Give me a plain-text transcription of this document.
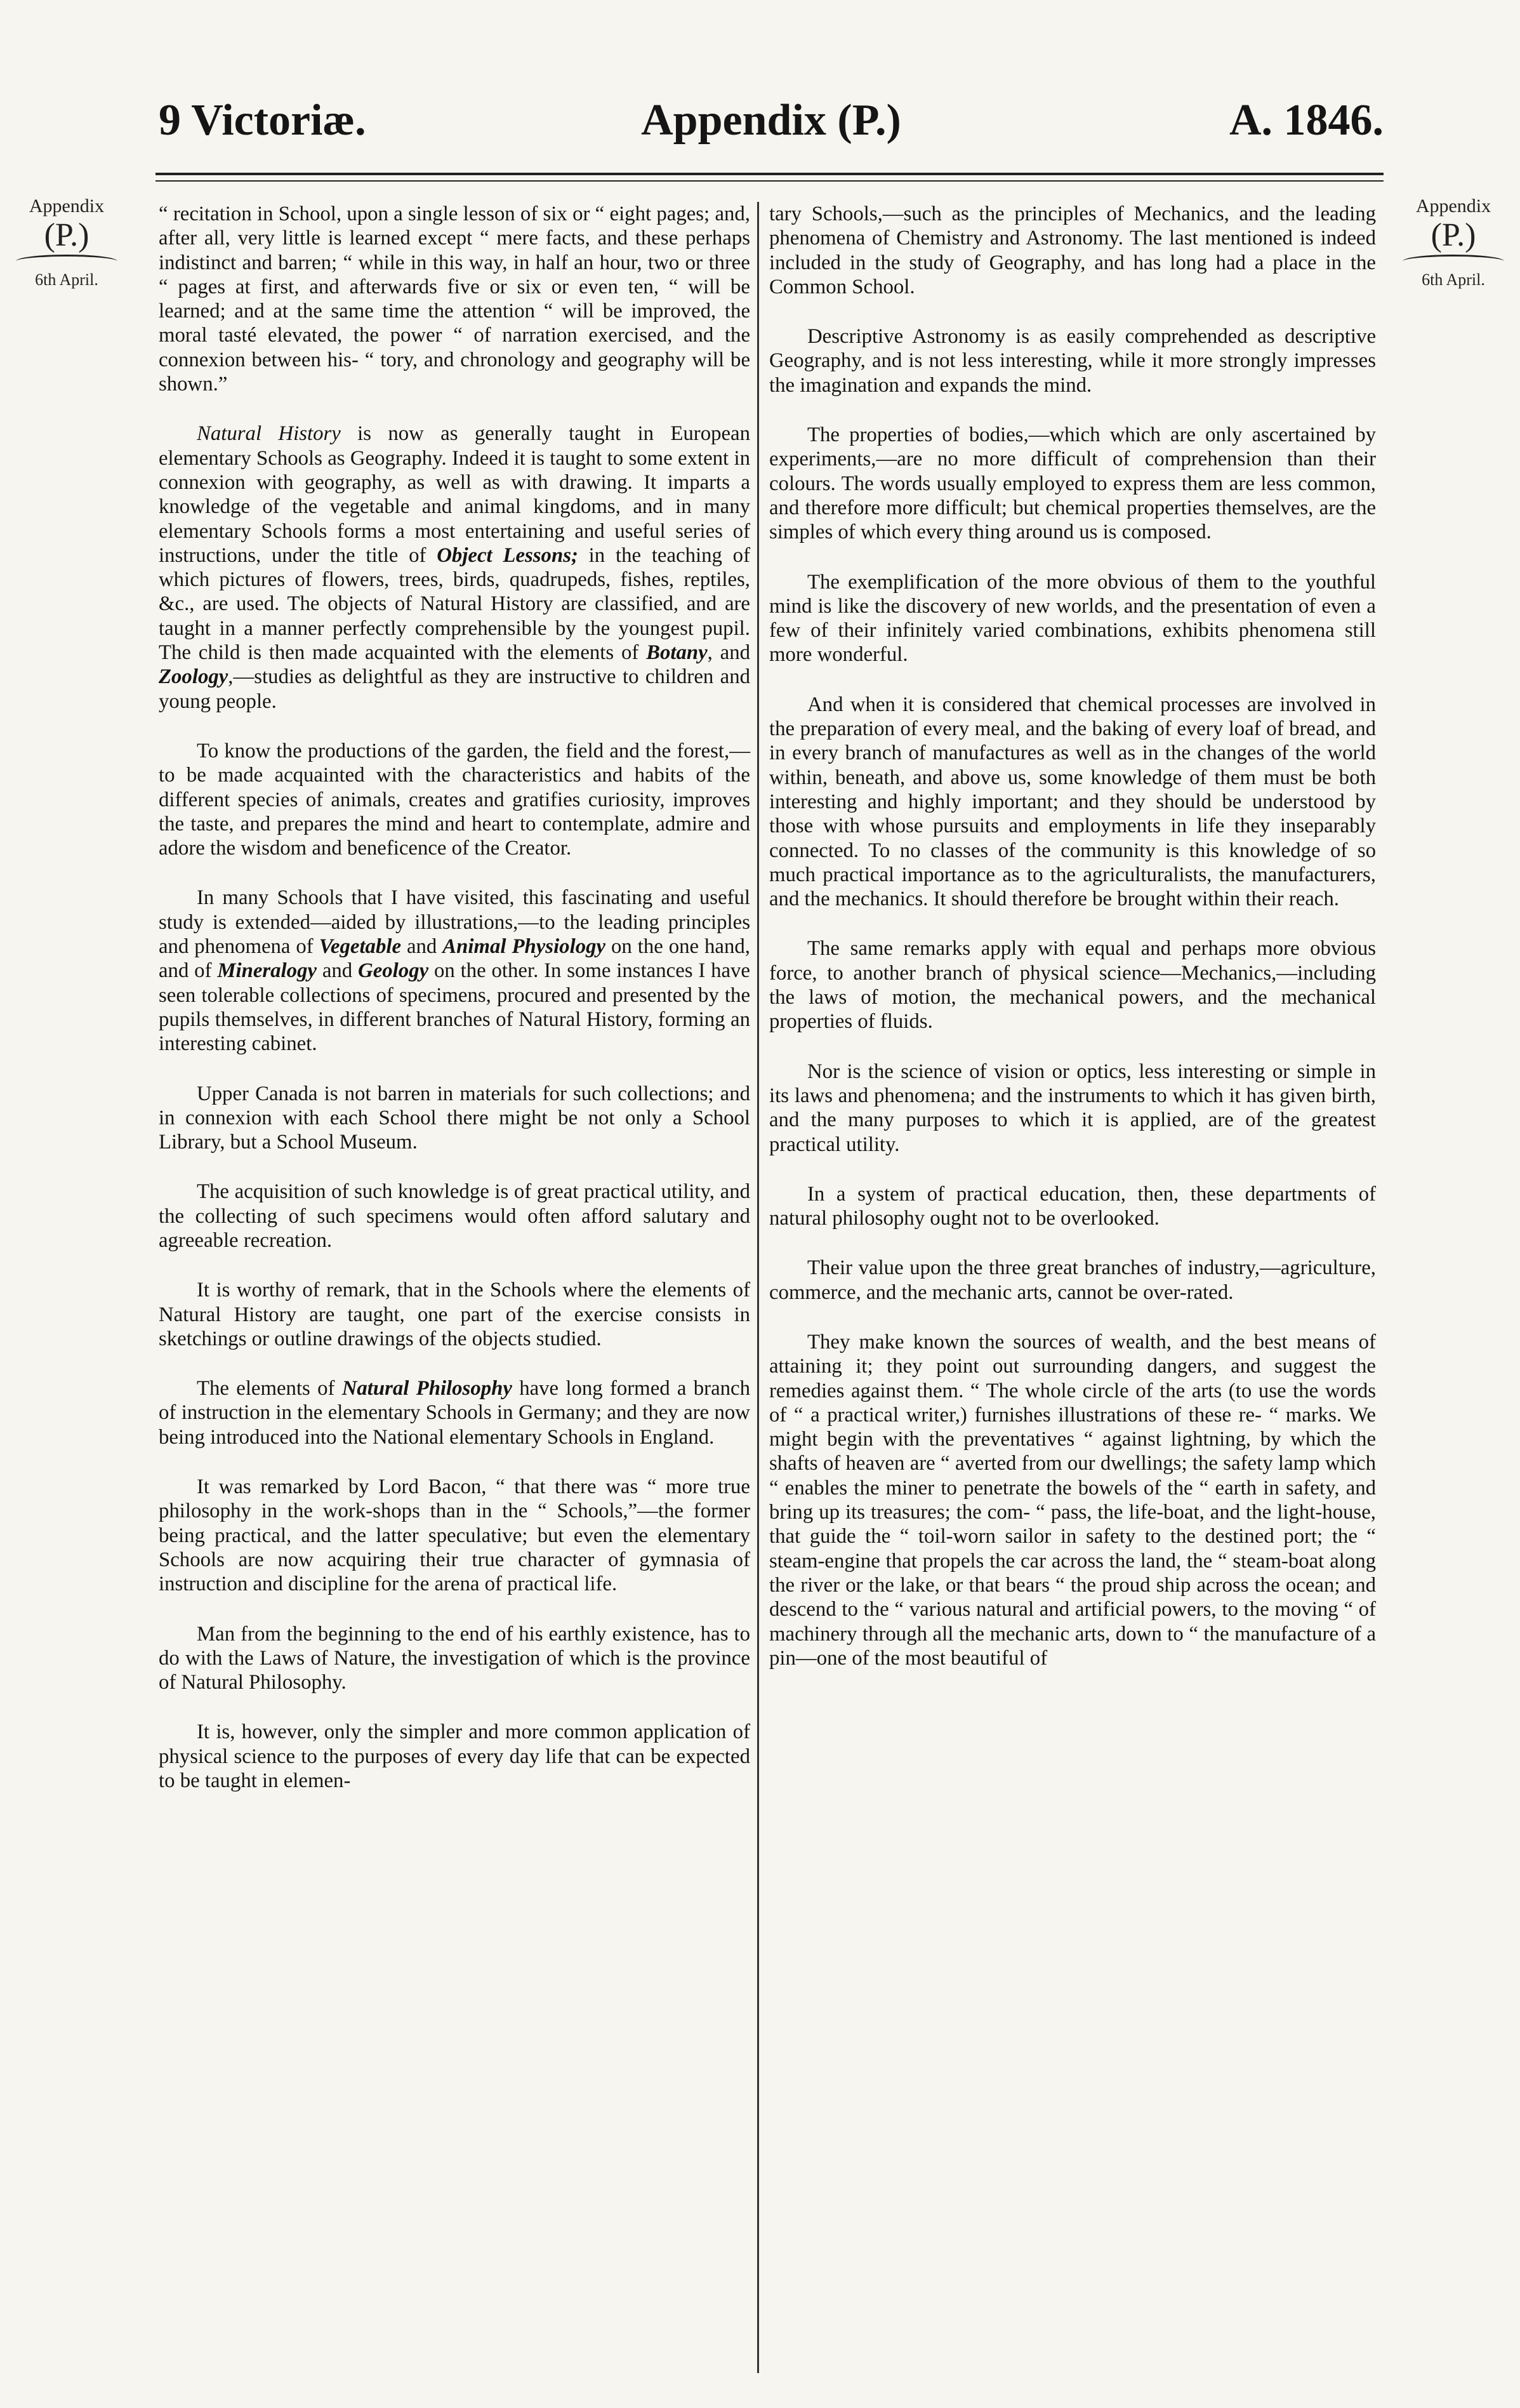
9 Victoriæ.	Appendix (P.)	A. 1846.
Appendix
(P.)
6th April.
Appendix
(P.)
6th April.

“ recitation in School, upon a single lesson of six or “ eight pages; and, after all, very little is learned except “ mere facts, and these perhaps indistinct and barren; “ while in this way, in half an hour, two or three “ pages at first, and afterwards five or six or even ten, “ will be learned; and at the same time the attention “ will be improved, the moral tasté elevated, the power “ of narration exercised, and the connexion between his- “ tory, and chronology and geography will be shown.”

Natural History is now as generally taught in European elementary Schools as Geography. Indeed it is taught to some extent in connexion with geography, as well as with drawing. It imparts a knowledge of the vegetable and animal kingdoms, and in many elementary Schools forms a most entertaining and useful series of instructions, under the title of Object Lessons; in the teaching of which pictures of flowers, trees, birds, quadrupeds, fishes, reptiles, &c., are used. The objects of Natural History are classified, and are taught in a manner perfectly comprehensible by the youngest pupil. The child is then made acquainted with the elements of Botany, and Zoology,—studies as delightful as they are instructive to children and young people.

To know the productions of the garden, the field and the forest,—to be made acquainted with the characteristics and habits of the different species of animals, creates and gratifies curiosity, improves the taste, and prepares the mind and heart to contemplate, admire and adore the wisdom and beneficence of the Creator.

In many Schools that I have visited, this fascinating and useful study is extended—aided by illustrations,—to the leading principles and phenomena of Vegetable and Animal Physiology on the one hand, and of Mineralogy and Geology on the other. In some instances I have seen tolerable collections of specimens, procured and presented by the pupils themselves, in different branches of Natural History, forming an interesting cabinet.

Upper Canada is not barren in materials for such collections; and in connexion with each School there might be not only a School Library, but a School Museum.

The acquisition of such knowledge is of great practical utility, and the collecting of such specimens would often afford salutary and agreeable recreation.

It is worthy of remark, that in the Schools where the elements of Natural History are taught, one part of the exercise consists in sketchings or outline drawings of the objects studied.

The elements of Natural Philosophy have long formed a branch of instruction in the elementary Schools in Germany; and they are now being introduced into the National elementary Schools in England.

It was remarked by Lord Bacon, “ that there was “ more true philosophy in the work-shops than in the “ Schools,”—the former being practical, and the latter speculative; but even the elementary Schools are now acquiring their true character of gymnasia of instruction and discipline for the arena of practical life.

Man from the beginning to the end of his earthly existence, has to do with the Laws of Nature, the investigation of which is the province of Natural Philosophy.

It is, however, only the simpler and more common application of physical science to the purposes of every day life that can be expected to be taught in elemen-

tary Schools,—such as the principles of Mechanics, and the leading phenomena of Chemistry and Astronomy. The last mentioned is indeed included in the study of Geography, and has long had a place in the Common School.

Descriptive Astronomy is as easily comprehended as descriptive Geography, and is not less interesting, while it more strongly impresses the imagination and expands the mind.

The properties of bodies,—which which are only ascertained by experiments,—are no more difficult of comprehension than their colours. The words usually employed to express them are less common, and therefore more difficult; but chemical properties themselves, are the simples of which every thing around us is composed.

The exemplification of the more obvious of them to the youthful mind is like the discovery of new worlds, and the presentation of even a few of their infinitely varied combinations, exhibits phenomena still more wonderful.

And when it is considered that chemical processes are involved in the preparation of every meal, and the baking of every loaf of bread, and in every branch of manufactures as well as in the changes of the world within, beneath, and above us, some knowledge of them must be both interesting and highly important; and they should be understood by those with whose pursuits and employments in life they inseparably connected. To no classes of the community is this knowledge of so much practical importance as to the agriculturalists, the manufacturers, and the mechanics. It should therefore be brought within their reach.

The same remarks apply with equal and perhaps more obvious force, to another branch of physical science—Mechanics,—including the laws of motion, the mechanical powers, and the mechanical properties of fluids.

Nor is the science of vision or optics, less interesting or simple in its laws and phenomena; and the instruments to which it has given birth, and the many purposes to which it is applied, are of the greatest practical utility.

In a system of practical education, then, these departments of natural philosophy ought not to be overlooked.

Their value upon the three great branches of industry,—agriculture, commerce, and the mechanic arts, cannot be over-rated.

They make known the sources of wealth, and the best means of attaining it; they point out surrounding dangers, and suggest the remedies against them. “ The whole circle of the arts (to use the words of “ a practical writer,) furnishes illustrations of these re- “ marks. We might begin with the preventatives “ against lightning, by which the shafts of heaven are “ averted from our dwellings; the safety lamp which “ enables the miner to penetrate the bowels of the “ earth in safety, and bring up its treasures; the com- “ pass, the life-boat, and the light-house, that guide the “ toil-worn sailor in safety to the destined port; the “ steam-engine that propels the car across the land, the “ steam-boat along the river or the lake, or that bears “ the proud ship across the ocean; and descend to the “ various natural and artificial powers, to the moving “ of machinery through all the mechanic arts, down to “ the manufacture of a pin—one of the most beautiful of
